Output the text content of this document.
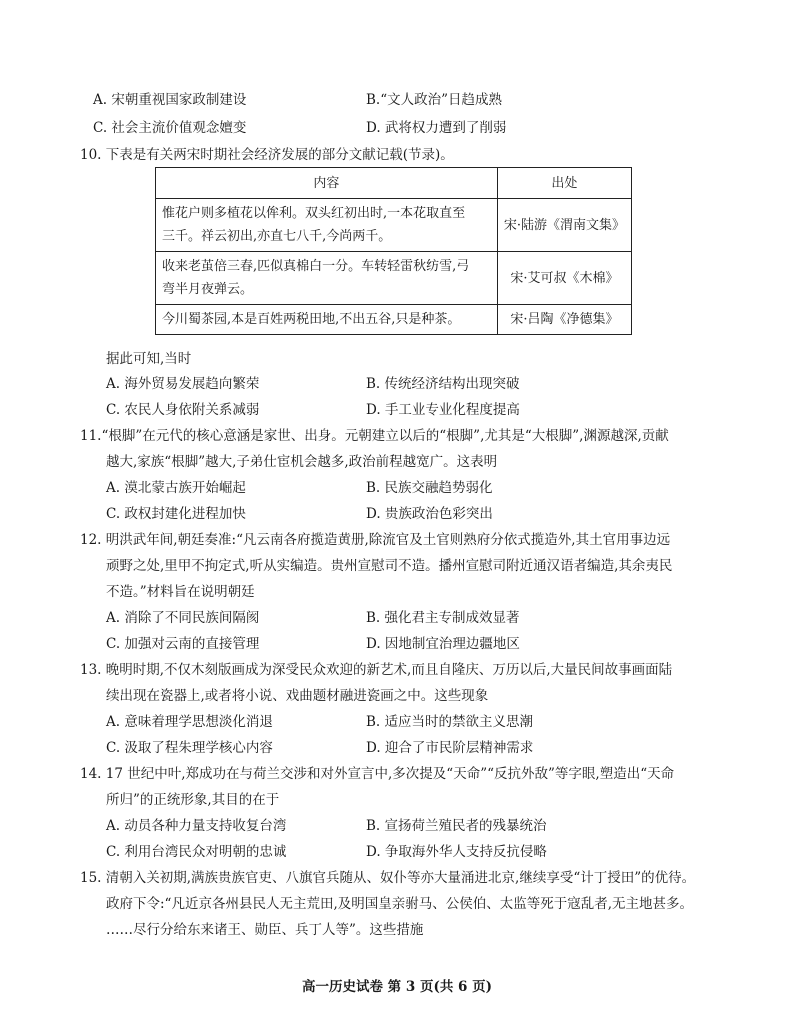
A. 宋朝重视国家政制建设	B.“文人政治”日趋成熟
C. 社会主流价值观念嬗变	D. 武将权力遭到了削弱
10. 下表是有关两宋时期社会经济发展的部分文献记载(节录)。
内容	出处

惟花户则多植花以侔利。双头红初出时,一本花取直至
三千。祥云初出,亦直七八千,今尚两千。	宋·陆游《渭南文集》

收来老茧倍三春,匹似真棉白一分。车转轻雷秋纺雪,弓
弯半月夜弹云。	宋·艾可叔《木棉》

今川蜀茶园,本是百姓两税田地,不出五谷,只是种茶。	宋·吕陶《净德集》
据此可知,当时
A. 海外贸易发展趋向繁荣	B. 传统经济结构出现突破
C. 农民人身依附关系减弱	D. 手工业专业化程度提高
11.“根脚”在元代的核心意涵是家世、出身。元朝建立以后的“根脚”,尤其是“大根脚”,渊源越深,贡献
越大,家族“根脚”越大,子弟仕宦机会越多,政治前程越宽广。这表明
A. 漠北蒙古族开始崛起	B. 民族交融趋势弱化
C. 政权封建化进程加快	D. 贵族政治色彩突出
12. 明洪武年间,朝廷奏准:“凡云南各府揽造黄册,除流官及土官则熟府分依式揽造外,其土官用事边远
顽野之处,里甲不拘定式,听从实编造。贵州宣慰司不造。播州宣慰司附近通汉语者编造,其余夷民
不造。”材料旨在说明朝廷
A. 消除了不同民族间隔阂	B. 强化君主专制成效显著
C. 加强对云南的直接管理	D. 因地制宜治理边疆地区
13. 晚明时期,不仅木刻版画成为深受民众欢迎的新艺术,而且自隆庆、万历以后,大量民间故事画面陆
续出现在瓷器上,或者将小说、戏曲题材融进瓷画之中。这些现象
A. 意味着理学思想淡化消退	B. 适应当时的禁欲主义思潮
C. 汲取了程朱理学核心内容	D. 迎合了市民阶层精神需求
14. 17 世纪中叶,郑成功在与荷兰交涉和对外宣言中,多次提及“天命”“反抗外敌”等字眼,塑造出“天命
所归”的正统形象,其目的在于
A. 动员各种力量支持收复台湾	B. 宣扬荷兰殖民者的残暴统治
C. 利用台湾民众对明朝的忠诚	D. 争取海外华人支持反抗侵略
15. 清朝入关初期,满族贵族官吏、八旗官兵随从、奴仆等亦大量涌进北京,继续享受“计丁授田”的优待。
政府下令:“凡近京各州县民人无主荒田,及明国皇亲驸马、公侯伯、太监等死于寇乱者,无主地甚多。
……尽行分给东来诸王、勋臣、兵丁人等”。这些措施
高一历史试卷 第 3 页(共 6 页)
